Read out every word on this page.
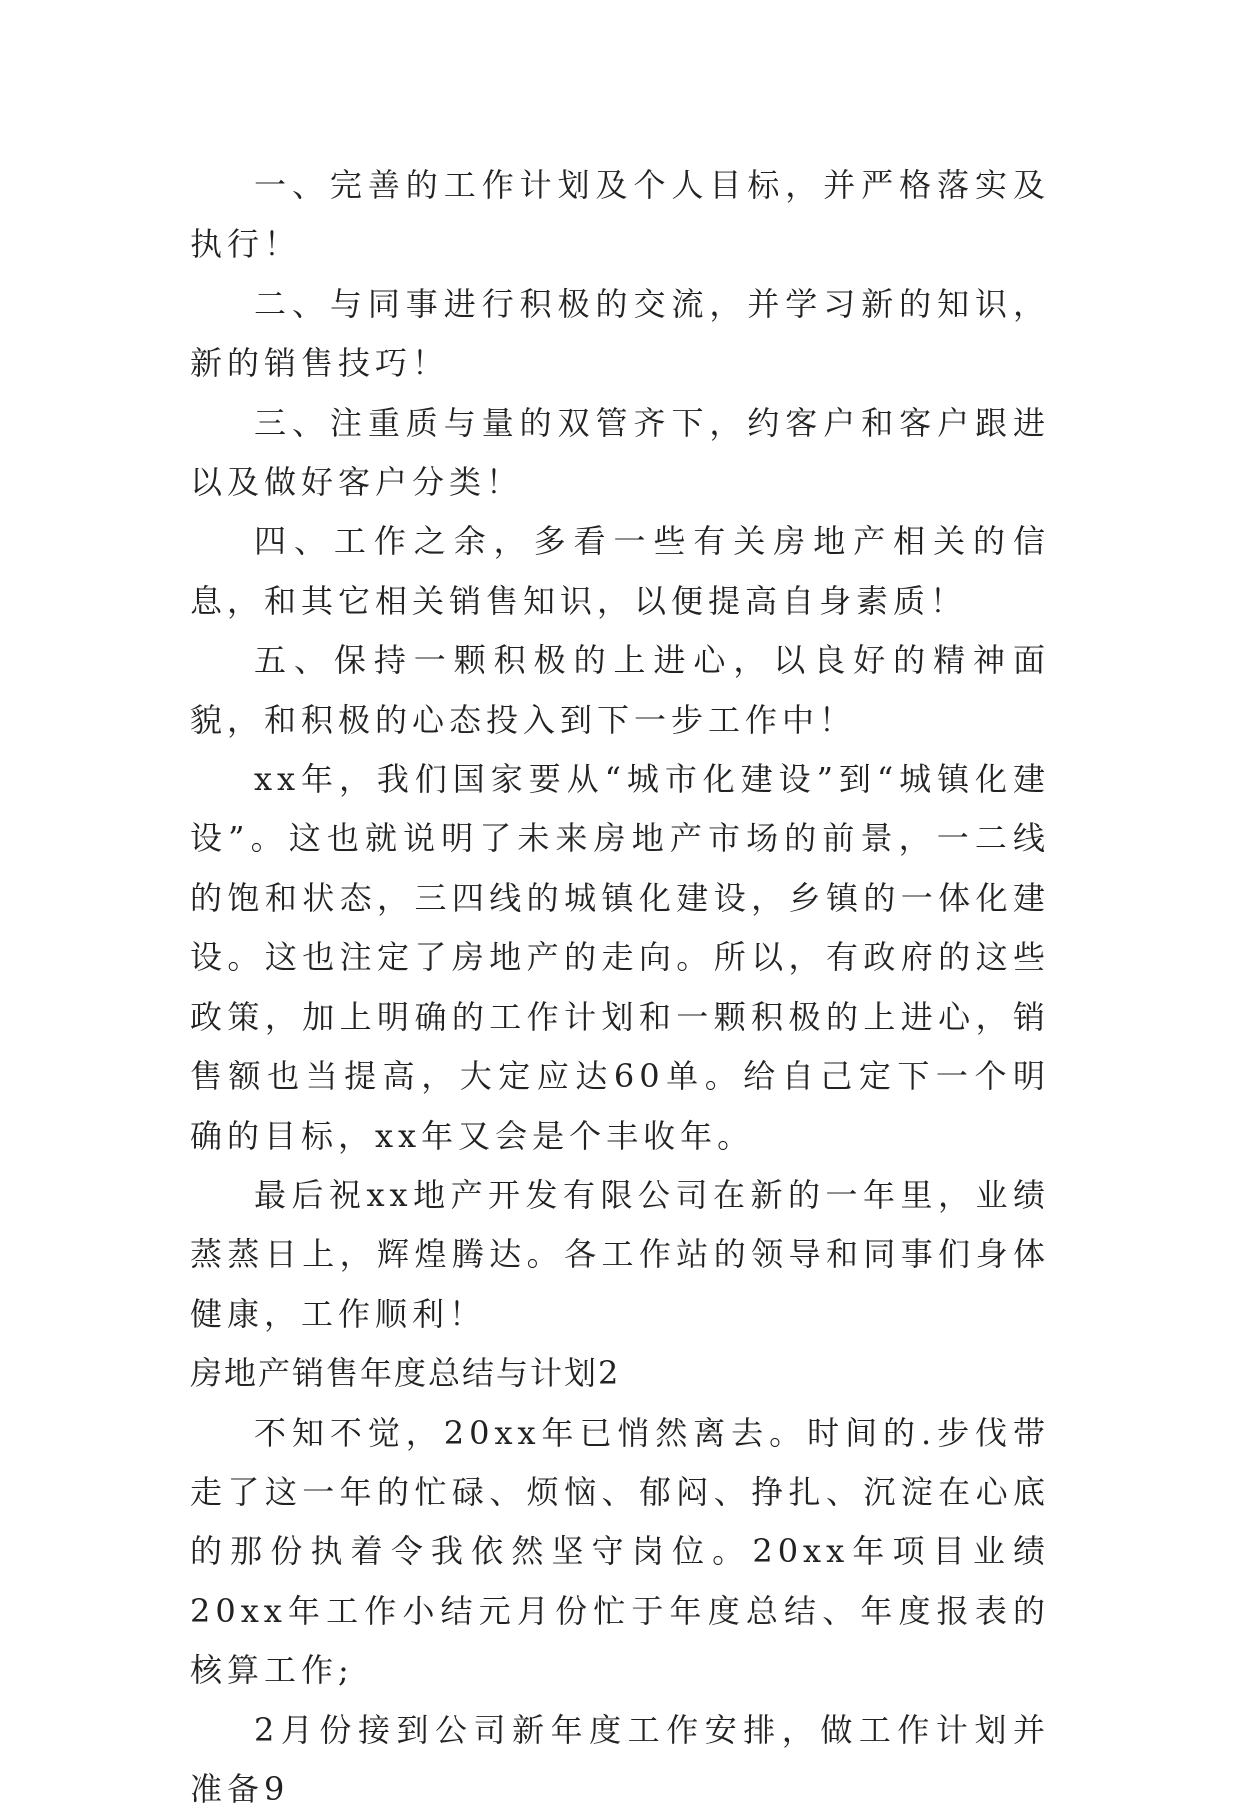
一、完善的工作计划及个人目标，并严格落实及执行！

二、与同事进行积极的交流，并学习新的知识，新的销售技巧！

三、注重质与量的双管齐下，约客户和客户跟进以及做好客户分类！

四、工作之余，多看一些有关房地产相关的信息，和其它相关销售知识，以便提高自身素质！

五、保持一颗积极的上进心，以良好的精神面貌，和积极的心态投入到下一步工作中！

xx年，我们国家要从“城市化建设”到“城镇化建设”。这也就说明了未来房地产市场的前景，一二线的饱和状态，三四线的城镇化建设，乡镇的一体化建设。这也注定了房地产的走向。所以，有政府的这些政策，加上明确的工作计划和一颗积极的上进心，销售额也当提高，大定应达60单。给自己定下一个明确的目标，xx年又会是个丰收年。

最后祝xx地产开发有限公司在新的一年里，业绩蒸蒸日上，辉煌腾达。各工作站的领导和同事们身体健康，工作顺利！

房地产销售年度总结与计划2

不知不觉，20xx年已悄然离去。时间的.步伐带走了这一年的忙碌、烦恼、郁闷、挣扎、沉淀在心底的那份执着令我依然坚守岗位。20xx年项目业绩20xx年工作小结元月份忙于年度总结、年度报表的核算工作;

2月份接到公司新年度工作安排，做工作计划并准备9
